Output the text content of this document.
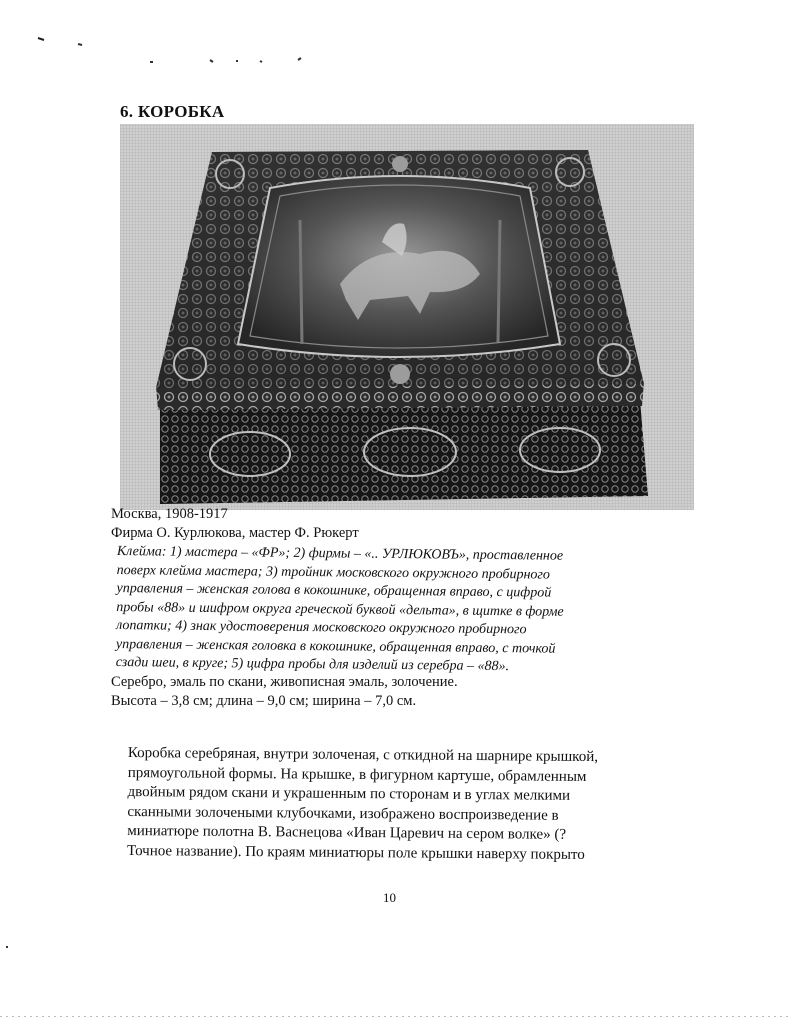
6. КОРОБКА
Москва, 1908-1917
Фирма О. Курлюкова, мастер Ф. Рюкерт
Клейма: 1) мастера – «ФР»; 2) фирмы – «.. УРЛЮКОВЪ», проставленное
поверх клейма мастера; 3) тройник московского окружного пробирного
управления – женская голова в кокошнике, обращенная вправо, с цифрой
пробы «88» и шифром округа греческой буквой «дельта», в щитке в форме
лопатки; 4) знак удостоверения московского окружного пробирного
управления – женская головка в кокошнике, обращенная вправо, с точкой
сзади шеи, в круге; 5) цифра пробы для изделий из серебра – «88».
Серебро, эмаль по скани, живописная эмаль, золочение.
Высота – 3,8 см; длина – 9,0 см; ширина – 7,0 см.
Коробка серебряная, внутри золоченая, с откидной на шарнире крышкой,
прямоугольной формы. На крышке, в фигурном картуше, обрамленным
двойным рядом скани и украшенным по сторонам и в углах мелкими
сканными золочеными клубочками, изображено воспроизведение в
миниатюре полотна В. Васнецова «Иван Царевич на сером волке» (?
Точное название). По краям миниатюры поле крышки наверху покрыто
10
